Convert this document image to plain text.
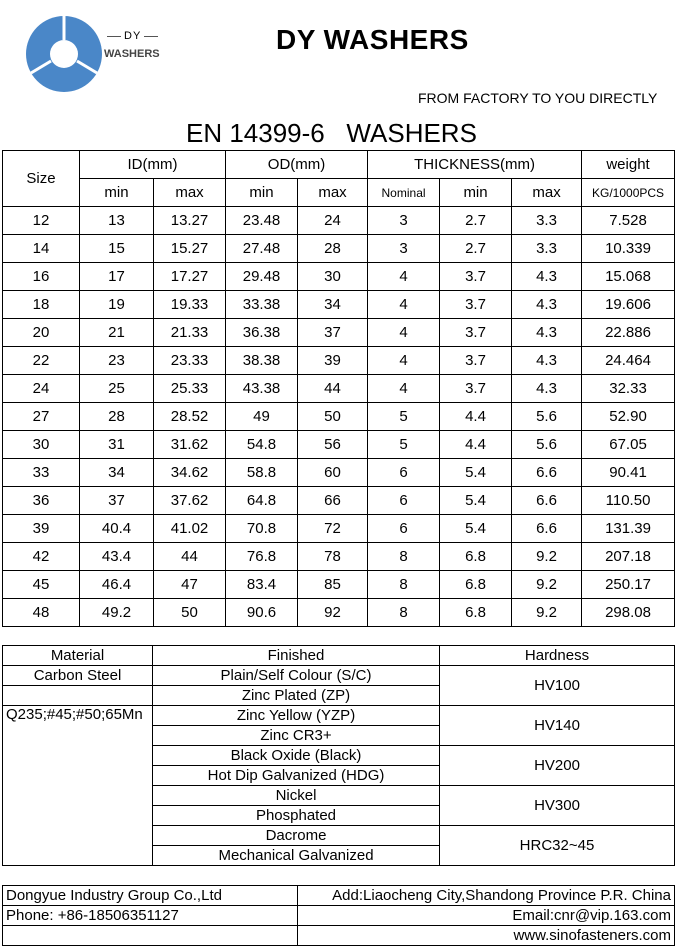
DY
WASHERS	DY WASHERS
FROM FACTORY TO YOU DIRECTLY
EN 14399-6   WASHERS
Size	ID(mm)		OD(mm)		THICKNESS(mm)			weight
	min	max	min	max	Nominal	min	max	KG/1000PCS
12	13	13.27	23.48	24	3	2.7	3.3	7.528
14	15	15.27	27.48	28	3	2.7	3.3	10.339
16	17	17.27	29.48	30	4	3.7	4.3	15.068
18	19	19.33	33.38	34	4	3.7	4.3	19.606
20	21	21.33	36.38	37	4	3.7	4.3	22.886
22	23	23.33	38.38	39	4	3.7	4.3	24.464
24	25	25.33	43.38	44	4	3.7	4.3	32.33
27	28	28.52	49	50	5	4.4	5.6	52.90
30	31	31.62	54.8	56	5	4.4	5.6	67.05
33	34	34.62	58.8	60	6	5.4	6.6	90.41
36	37	37.62	64.8	66	6	5.4	6.6	110.50
39	40.4	41.02	70.8	72	6	5.4	6.6	131.39
42	43.4	44	76.8	78	8	6.8	9.2	207.18
45	46.4	47	83.4	85	8	6.8	9.2	250.17
48	49.2	50	90.6	92	8	6.8	9.2	298.08
Material	Finished	Hardness
Carbon Steel	Plain/Self Colour (S/C)	HV100
	Zinc Plated (ZP)	
Q235;#45;#50;65Mn	Zinc Yellow (YZP)	HV140
	Zinc CR3+	
	Black Oxide (Black)	HV200
	Hot Dip Galvanized (HDG)	
	Nickel	HV300
	Phosphated	
	Dacrome	HRC32~45
	Mechanical Galvanized	
Dongyue Industry Group Co.,Ltd	Add:Liaocheng City,Shandong Province P.R. China
Phone: +86-18506351127	Email:cnr@vip.163.com
	www.sinofasteners.com
